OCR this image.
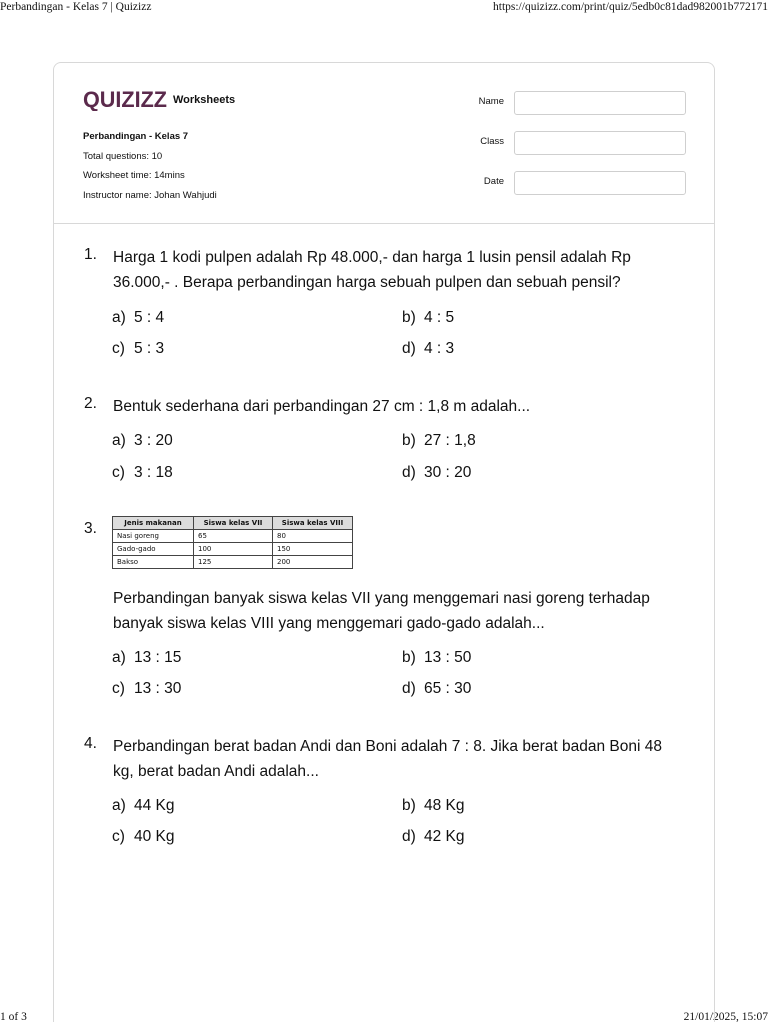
Perbandingan - Kelas 7 | Quizizz	https://quizizz.com/print/quiz/5edb0c81dad982001b772171
1 of 3	21/01/2025, 15:07
QUIZIZZ Worksheets
Perbandingan - Kelas 7
Total questions: 10
Worksheet time: 14mins
Instructor name: Johan Wahjudi
Name
Class
Date
1. Harga 1 kodi pulpen adalah Rp 48.000,- dan harga 1 lusin pensil adalah Rp 36.000,- . Berapa perbandingan harga sebuah pulpen dan sebuah pensil?
a) 5 : 4	b) 4 : 5
c) 5 : 3	d) 4 : 3
2. Bentuk sederhana dari perbandingan 27 cm : 1,8 m adalah...
a) 3 : 20	b) 27 : 1,8
c) 3 : 18	d) 30 : 20
3.	Jenis makanan	Siswa kelas VII	Siswa kelas VIII
Nasi goreng	65	80
Gado-gado	100	150
Bakso	125	200
Perbandingan banyak siswa kelas VII yang menggemari nasi goreng terhadap banyak siswa kelas VIII yang menggemari gado-gado adalah...
a) 13 : 15	b) 13 : 50
c) 13 : 30	d) 65 : 30
4. Perbandingan berat badan Andi dan Boni adalah 7 : 8. Jika berat badan Boni 48 kg, berat badan Andi adalah...
a) 44 Kg	b) 48 Kg
c) 40 Kg	d) 42 Kg
